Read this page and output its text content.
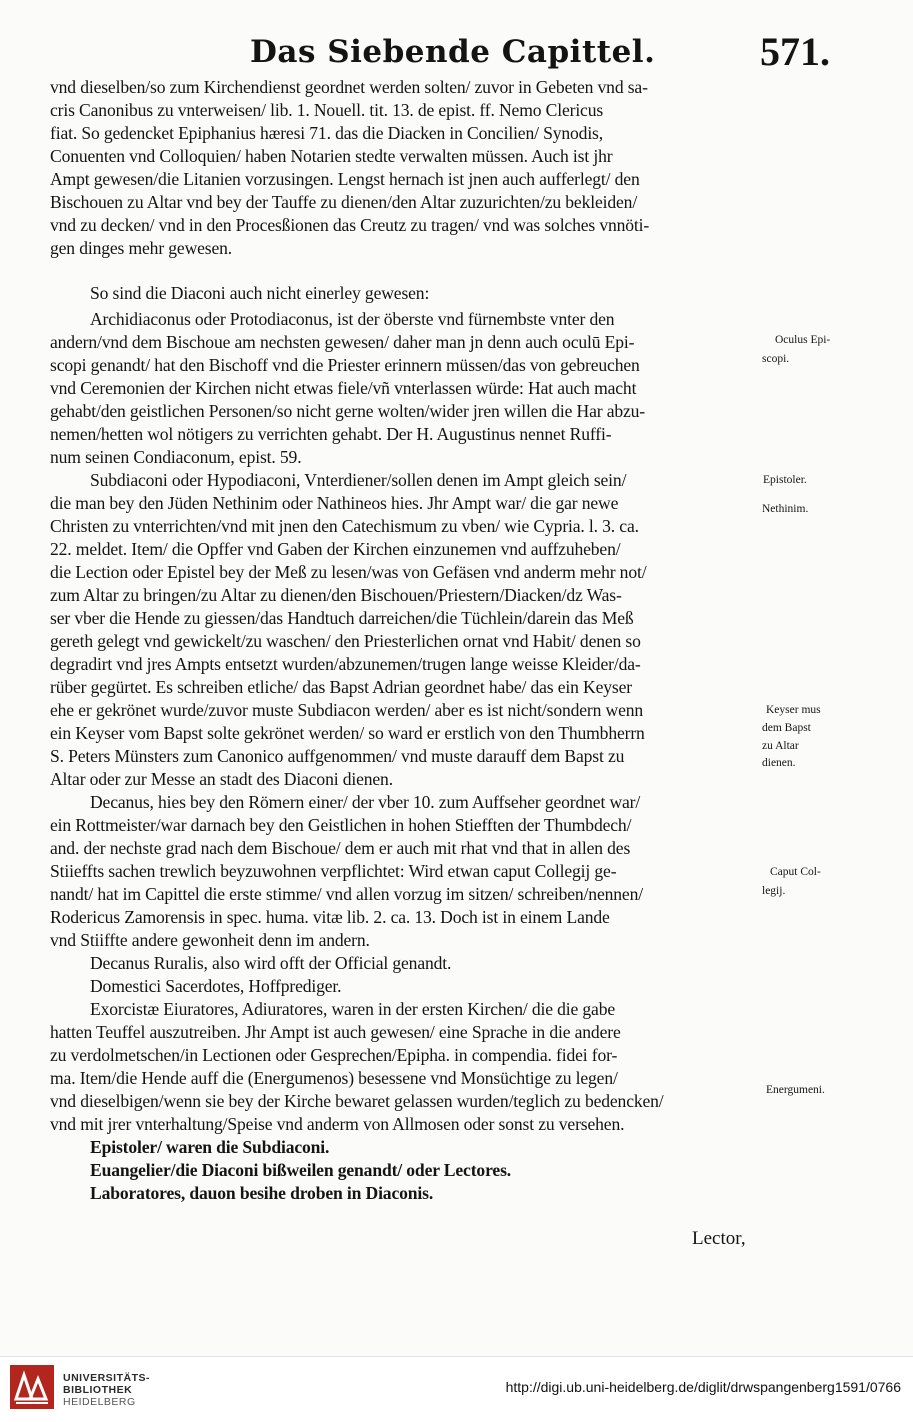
Das Siebende Capittel.	571.
vnd dieselben/so zum Kirchendienst geordnet werden solten/ zuvor in Gebeten vnd sa-
cris Canonibus zu vnterweisen/ lib. 1. Nouell. tit. 13. de epist. ff. Nemo Clericus
fiat. So gedencket Epiphanius hæresi 71. das die Diacken in Concilien/ Synodis,
Conuenten vnd Colloquien/ haben Notarien stedte verwalten müssen. Auch ist jhr
Ampt gewesen/die Litanien vorzusingen. Lengst hernach ist jnen auch aufferlegt/ den
Bischouen zu Altar vnd bey der Tauffe zu dienen/den Altar zuzurichten/zu bekleiden/
vnd zu decken/ vnd in den Procesßionen das Creutz zu tragen/ vnd was solches vnnöti-
gen dinges mehr gewesen.
So sind die Diaconi auch nicht einerley gewesen:
Archidiaconus oder Protodiaconus, ist der öberste vnd fürnembste vnter den
andern/vnd dem Bischoue am nechsten gewesen/ daher man jn denn auch oculū Epi-
scopi genandt/ hat den Bischoff vnd die Priester erinnern müssen/das von gebreuchen
vnd Ceremonien der Kirchen nicht etwas fiele/vñ vnterlassen würde: Hat auch macht
gehabt/den geistlichen Personen/so nicht gerne wolten/wider jren willen die Har abzu-
nemen/hetten wol nötigers zu verrichten gehabt. Der H. Augustinus nennet Ruffi-
num seinen Condiaconum, epist. 59.
Subdiaconi oder Hypodiaconi, Vnterdiener/sollen denen im Ampt gleich sein/
die man bey den Jüden Nethinim oder Nathineos hies. Jhr Ampt war/ die gar newe
Christen zu vnterrichten/vnd mit jnen den Catechismum zu vben/ wie Cypria. l. 3. ca.
22. meldet. Item/ die Opffer vnd Gaben der Kirchen einzunemen vnd auffzuheben/
die Lection oder Epistel bey der Meß zu lesen/was von Gefäsen vnd anderm mehr not/
zum Altar zu bringen/zu Altar zu dienen/den Bischouen/Priestern/Diacken/dz Was-
ser vber die Hende zu giessen/das Handtuch darreichen/die Tüchlein/darein das Meß
gereth gelegt vnd gewickelt/zu waschen/ den Priesterlichen ornat vnd Habit/ denen so
degradirt vnd jres Ampts entsetzt wurden/abzunemen/trugen lange weisse Kleider/da-
rüber gegürtet. Es schreiben etliche/ das Bapst Adrian geordnet habe/ das ein Keyser
ehe er gekrönet wurde/zuvor muste Subdiacon werden/ aber es ist nicht/sondern wenn
ein Keyser vom Bapst solte gekrönet werden/ so ward er erstlich von den Thumbherrn
S. Peters Münsters zum Canonico auffgenommen/ vnd muste darauff dem Bapst zu
Altar oder zur Messe an stadt des Diaconi dienen.
Decanus, hies bey den Römern einer/ der vber 10. zum Auffseher geordnet war/
ein Rottmeister/war darnach bey den Geistlichen in hohen Stiefften der Thumbdech/
and. der nechste grad nach dem Bischoue/ dem er auch mit rhat vnd that in allen des
Stiieffts sachen trewlich beyzuwohnen verpflichtet: Wird etwan caput Collegij ge-
nandt/ hat im Capittel die erste stimme/ vnd allen vorzug im sitzen/ schreiben/nennen/
Rodericus Zamorensis in spec. huma. vitæ lib. 2. ca. 13. Doch ist in einem Lande
vnd Stiiffte andere gewonheit denn im andern.
Decanus Ruralis, also wird offt der Official genandt.
Domestici Sacerdotes, Hoffprediger.
Exorcistæ Eiuratores, Adiuratores, waren in der ersten Kirchen/ die die gabe
hatten Teuffel auszutreiben. Jhr Ampt ist auch gewesen/ eine Sprache in die andere
zu verdolmetschen/in Lectionen oder Gesprechen/Epipha. in compendia. fidei for-
ma. Item/die Hende auff die (Energumenos) besessene vnd Monsüchtige zu legen/
vnd dieselbigen/wenn sie bey der Kirche bewaret gelassen wurden/teglich zu bedencken/
vnd mit jrer vnterhaltung/Speise vnd anderm von Allmosen oder sonst zu versehen.
Epistoler/ waren die Subdiaconi.
Euangelier/die Diaconi bißweilen genandt/ oder Lectores.
Laboratores, dauon besihe droben in Diaconis.
Oculus Epi-
scopi.
Epistoler.
Nethinim.
Keyser mus
dem Bapst
zu Altar
dienen.
Caput Col-
legij.
Energumeni.
Lector,
UNIVERSITÄTS-
BIBLIOTHEK
HEIDELBERG
http://digi.ub.uni-heidelberg.de/diglit/drwspangenberg1591/0766
